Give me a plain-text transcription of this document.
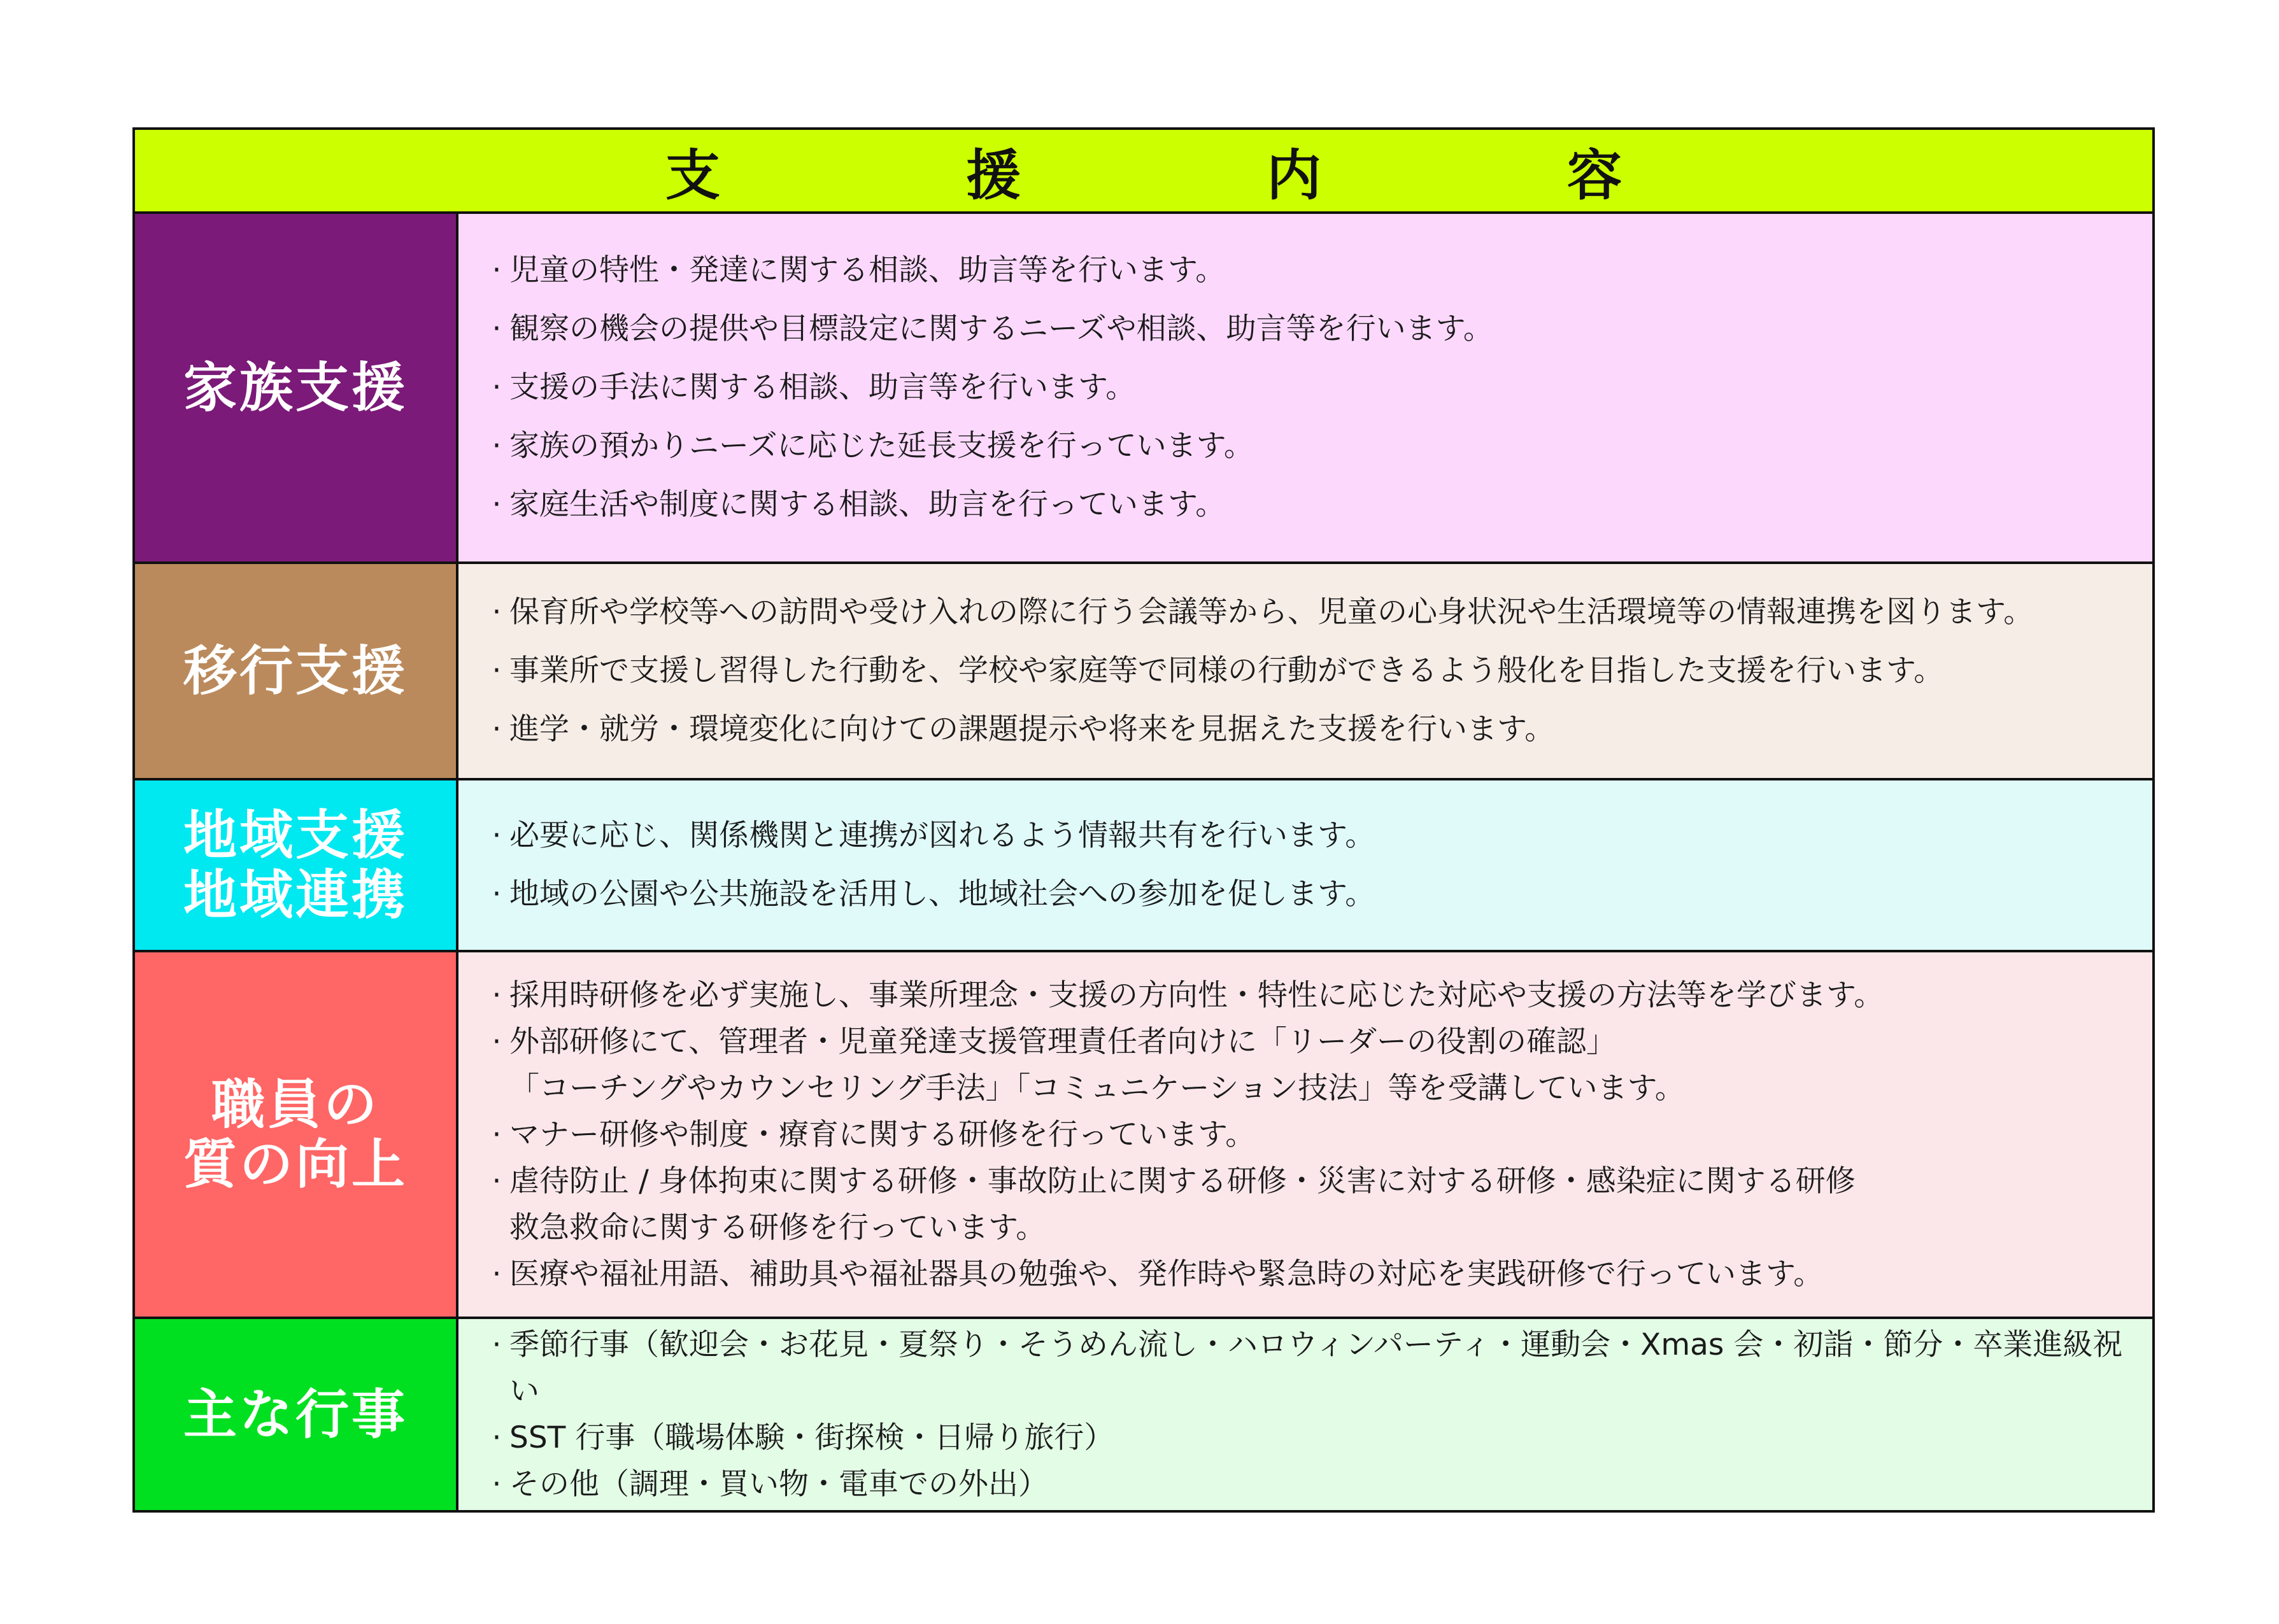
支　援　内　容
家族支援
· 児童の特性・発達に関する相談、助言等を行います。
· 観察の機会の提供や目標設定に関するニーズや相談、助言等を行います。
· 支援の手法に関する相談、助言等を行います。
· 家族の預かりニーズに応じた延長支援を行っています。
· 家庭生活や制度に関する相談、助言を行っています。
移行支援
· 保育所や学校等への訪問や受け入れの際に行う会議等から、児童の心身状況や生活環境等の情報連携を図ります。
· 事業所で支援し習得した行動を、学校や家庭等で同様の行動ができるよう般化を目指した支援を行います。
· 進学・就労・環境変化に向けての課題提示や将来を見据えた支援を行います。
地域支援
地域連携
· 必要に応じ、関係機関と連携が図れるよう情報共有を行います。
· 地域の公園や公共施設を活用し、地域社会への参加を促します。
職員の
質の向上
· 採用時研修を必ず実施し、事業所理念・支援の方向性・特性に応じた対応や支援の方法等を学びます。
· 外部研修にて、管理者・児童発達支援管理責任者向けに「リーダーの役割の確認」
「コーチングやカウンセリング手法」「コミュニケーション技法」等を受講しています。
· マナー研修や制度・療育に関する研修を行っています。
· 虐待防止 / 身体拘束に関する研修・事故防止に関する研修・災害に対する研修・感染症に関する研修
救急救命に関する研修を行っています。
· 医療や福祉用語、補助具や福祉器具の勉強や、発作時や緊急時の対応を実践研修で行っています。
主な行事
· 季節行事（歓迎会・お花見・夏祭り・そうめん流し・ハロウィンパーティ・運動会・Xmas 会・初詣・節分・卒業進級祝い
· SST 行事（職場体験・街探検・日帰り旅行）
· その他（調理・買い物・電車での外出）
